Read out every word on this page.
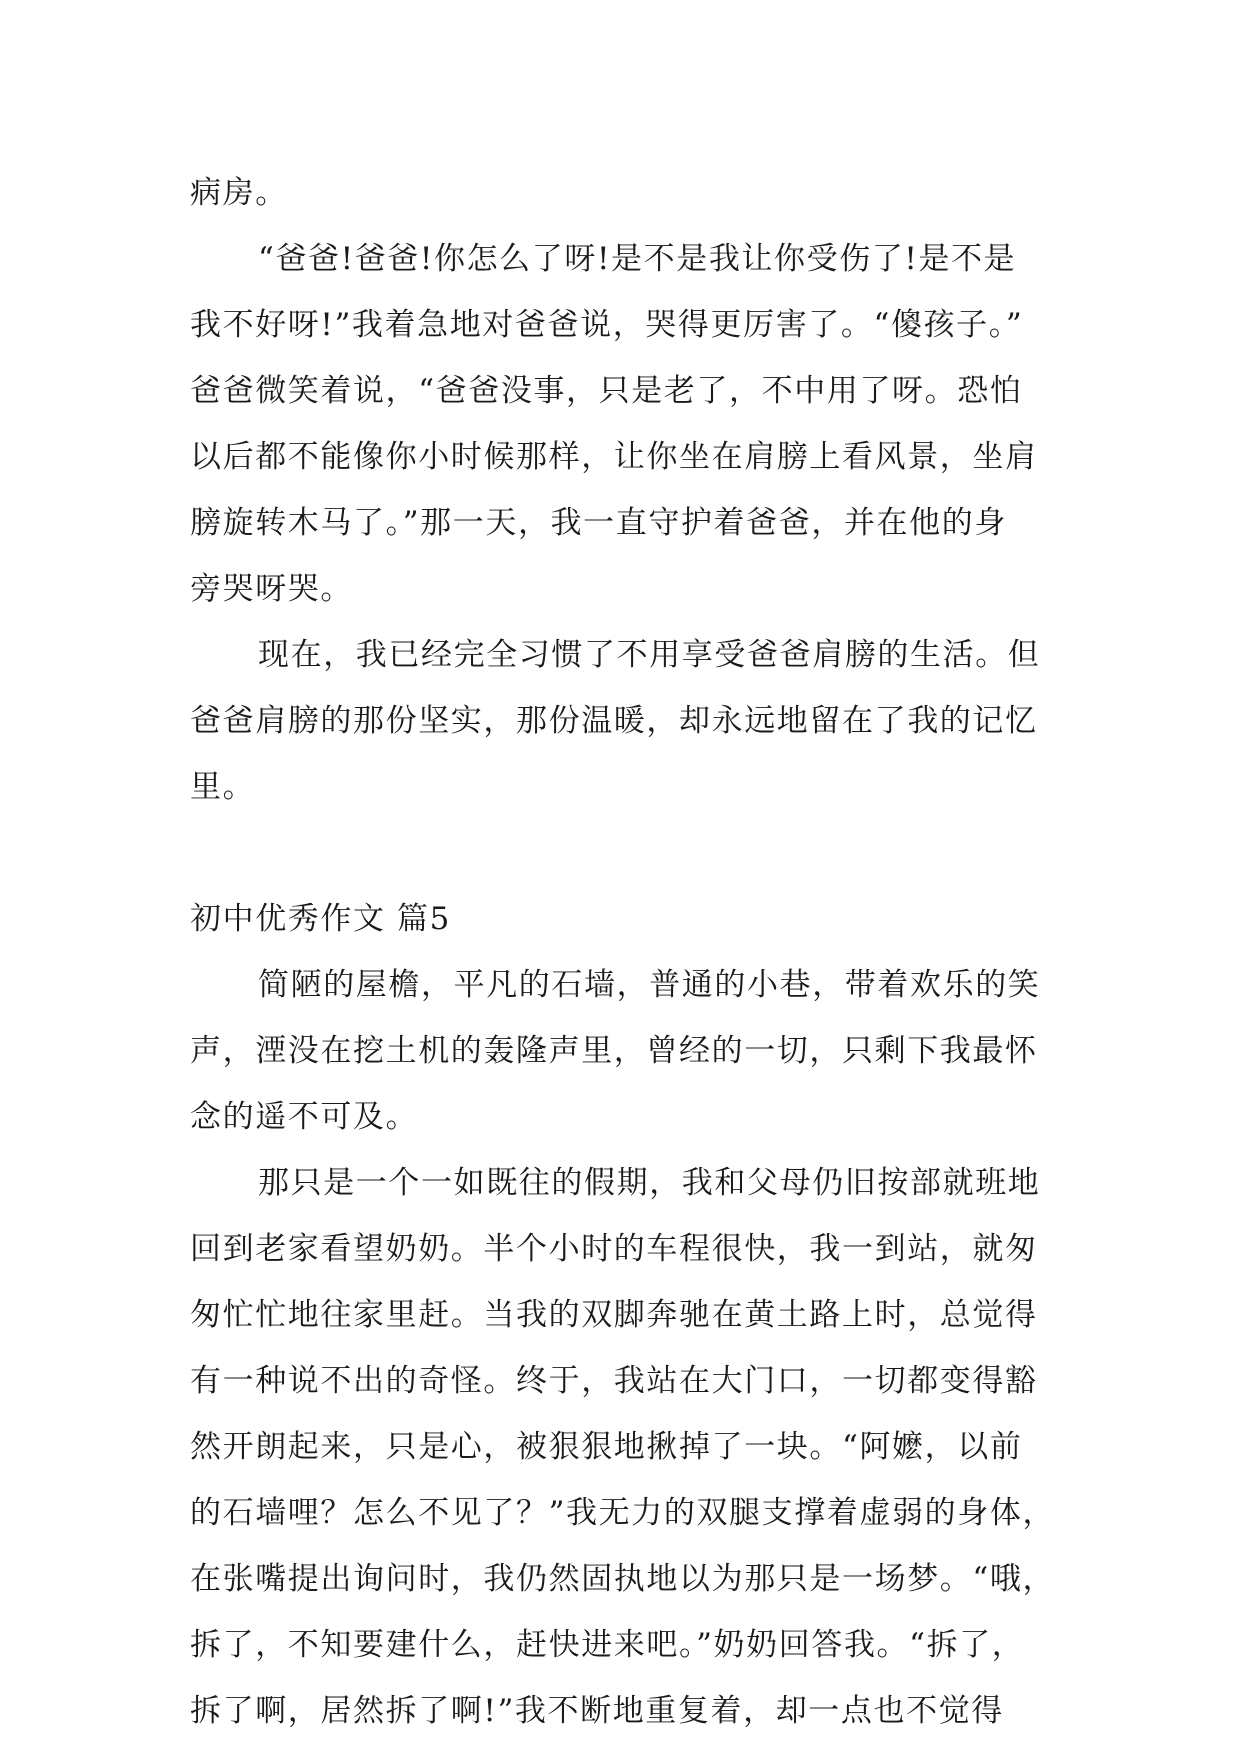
病房。
“爸爸!爸爸!你怎么了呀!是不是我让你受伤了!是不是
我不好呀!”我着急地对爸爸说，哭得更厉害了。“傻孩子。”
爸爸微笑着说，“爸爸没事，只是老了，不中用了呀。恐怕
以后都不能像你小时候那样，让你坐在肩膀上看风景，坐肩
膀旋转木马了。”那一天，我一直守护着爸爸，并在他的身
旁哭呀哭。
现在，我已经完全习惯了不用享受爸爸肩膀的生活。但
爸爸肩膀的那份坚实，那份温暖，却永远地留在了我的记忆
里。
初中优秀作文 篇5
简陋的屋檐，平凡的石墙，普通的小巷，带着欢乐的笑
声，湮没在挖土机的轰隆声里，曾经的一切，只剩下我最怀
念的遥不可及。
那只是一个一如既往的假期，我和父母仍旧按部就班地
回到老家看望奶奶。半个小时的车程很快，我一到站，就匆
匆忙忙地往家里赶。当我的双脚奔驰在黄土路上时，总觉得
有一种说不出的奇怪。终于，我站在大门口，一切都变得豁
然开朗起来，只是心，被狠狠地揪掉了一块。“阿嬷，以前
的石墙哩？怎么不见了？”我无力的双腿支撑着虚弱的身体，
在张嘴提出询问时，我仍然固执地以为那只是一场梦。“哦，
拆了，不知要建什么，赶快进来吧。”奶奶回答我。“拆了，
拆了啊，居然拆了啊!”我不断地重复着，却一点也不觉得
